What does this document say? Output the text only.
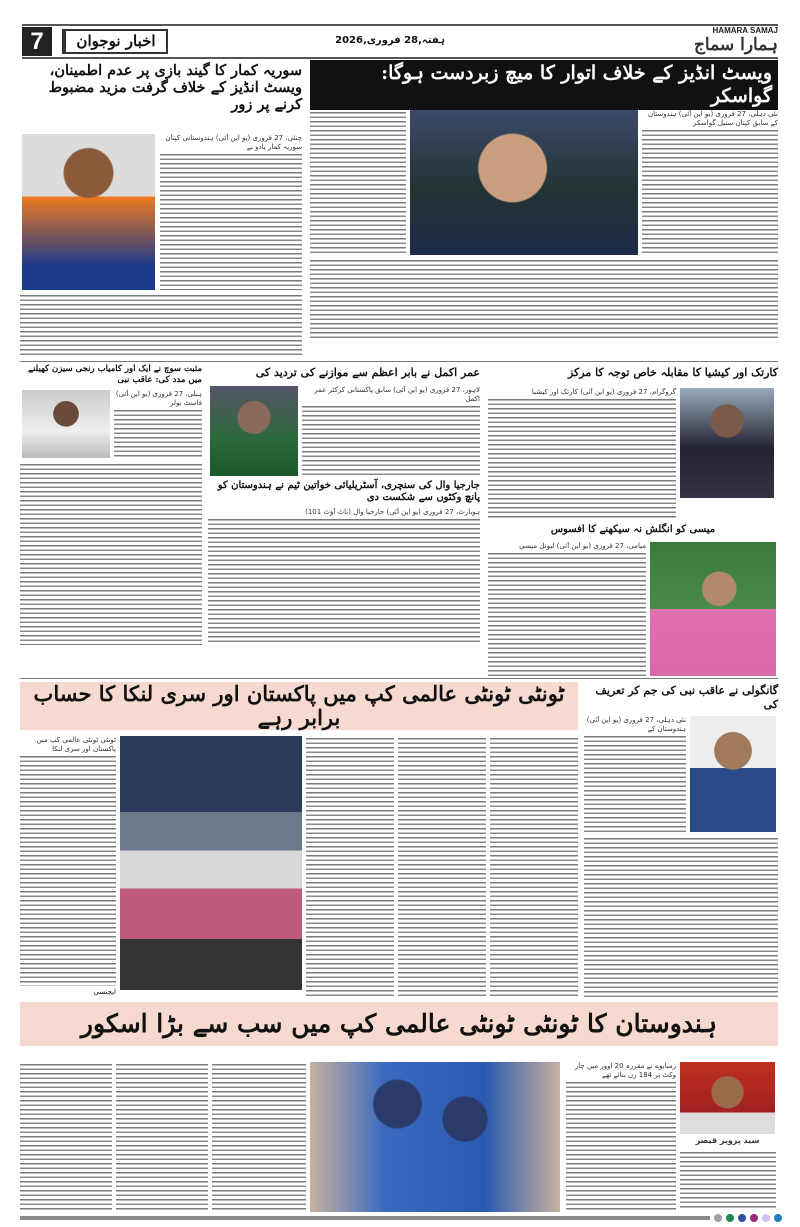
7	اخبار نوجوان	ہفتہ,28 فروری,2026
HAMARA SAMAJ
ہمارا سماج
ویسٹ انڈیز کے خلاف اتوار کا میچ زبردست ہوگا: گواسکر
نئی دہلی، 27 فروری (یو این آئی) ہندوستان کے سابق کپتان سنیل گواسکر
سوریہ کمار کا گیند بازی پر عدم اطمینان، ویسٹ انڈیز کے خلاف گرفت مزید مضبوط کرنے پر زور
چنئی، 27 فروری (یو این آئی) ہندوستانی کپتان سوریہ کمار یادو نے
مثبت سوچ نے ایک اور کامیاب رنجی سیزن کھیلنے میں مدد کی: عاقب نبی
ہبلی، 27 فروری (یو این آئی) فاسٹ بولر
عمر اکمل نے بابر اعظم سے موازنے کی تردید کی
لاہور، 27 فروری (یو این آئی) سابق پاکستانی کرکٹر عمر اکمل
جارجیا وال کی سنچری، آسٹریلیائی خواتین ٹیم نے ہندوستان کو پانچ وکٹوں سے شکست دی
ہوبارٹ، 27 فروری (یو این آئی) جارجیا وال (ناٹ آؤٹ 101)
کارتک اور کیشیا کا مقابلہ خاص توجہ کا مرکز
گروگرام، 27 فروری (یو این آئی) کارتک اور کیشیا
میسی کو انگلش نہ سیکھنے کا افسوس
میامی، 27 فروری (یو این آئی) لیونل میسی
ٹونٹی ٹونٹی عالمی کپ میں پاکستان اور سری لنکا کا حساب برابر رہے
ٹونٹی ٹونٹی عالمی کپ میں پاکستان اور سری لنکا
ایجنسی
گانگولی نے عاقب نبی کی جم کر تعریف کی
نئی دہلی، 27 فروری (یو این آئی) ہندوستان کے
ہندوستان کا ٹونٹی ٹونٹی عالمی کپ میں سب سے بڑا اسکور
سید پرویز قیصر
زمبابوے نے مقررہ 20 اوور میں چار وکٹ پر 184 رن بنائے تھے
